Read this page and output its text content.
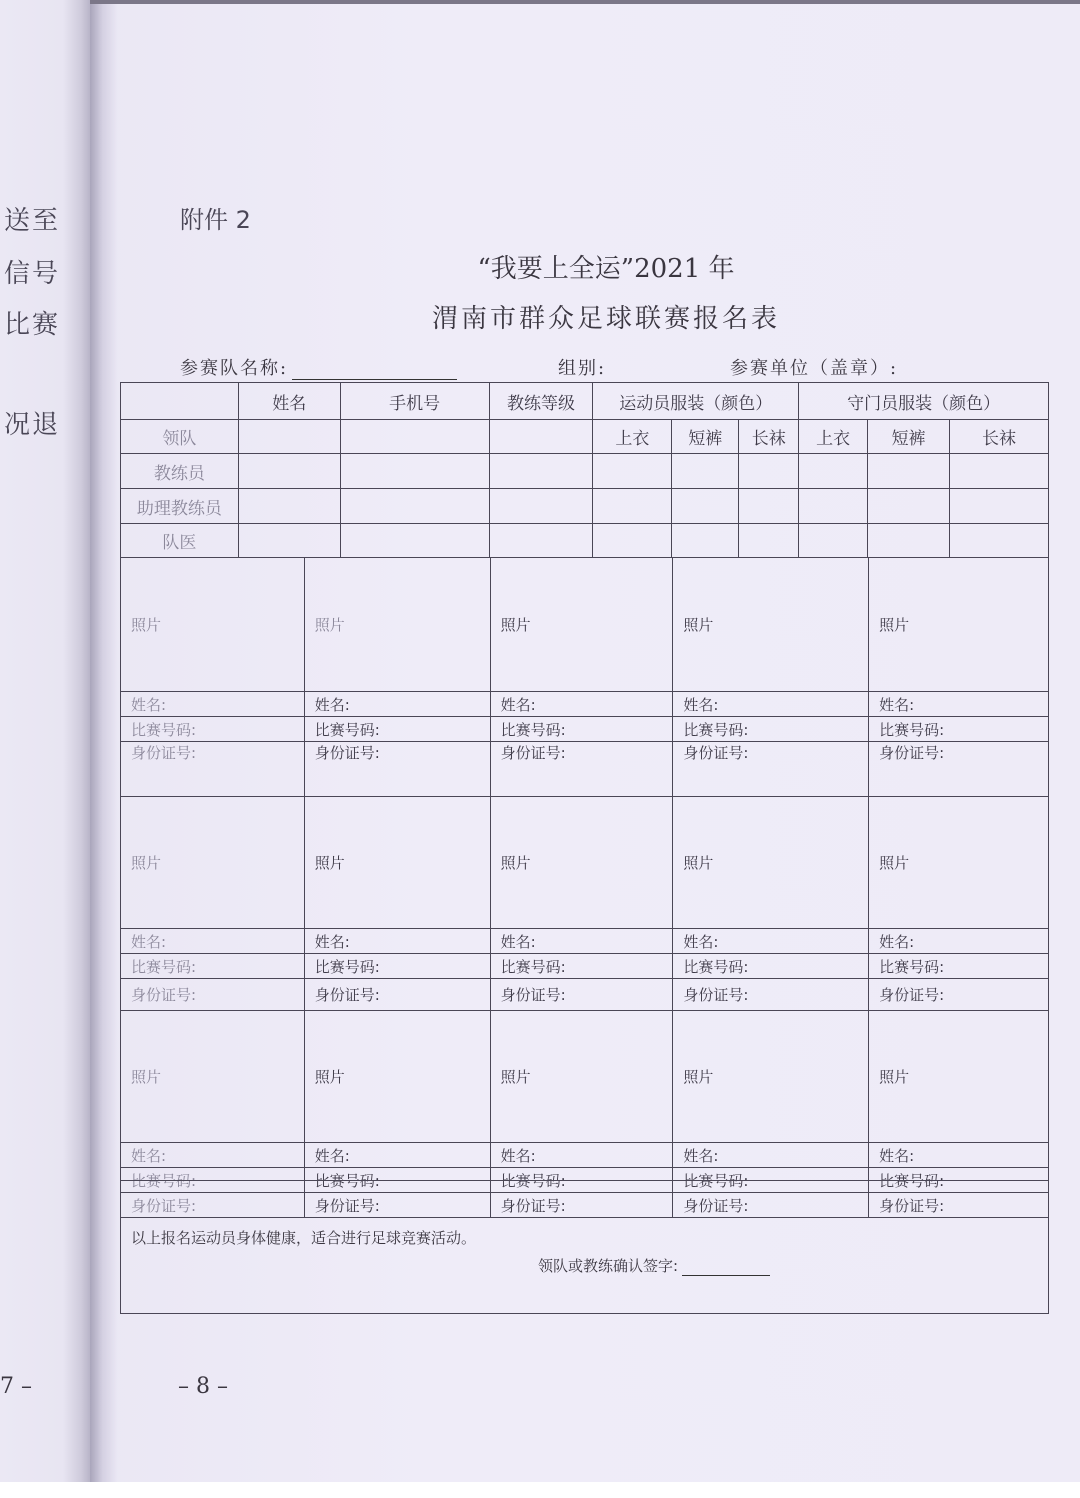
送至
信号
比赛
况退
7 –
附件 2
“我要上全运”2021 年
渭南市群众足球联赛报名表
参赛队名称:	组别:	参赛单位（盖章）:
	姓名	手机号	教练等级	运动员服装（颜色）			守门员服装（颜色）		
领队				上衣	短裤	长袜	上衣	短裤	长袜
教练员									
助理教练员									
队医									
照片	照片	照片	照片	照片
姓名:	姓名:	姓名:	姓名:	姓名:
比赛号码:	比赛号码:	比赛号码:	比赛号码:	比赛号码:
身份证号:	身份证号:	身份证号:	身份证号:	身份证号:
照片	照片	照片	照片	照片
姓名:	姓名:	姓名:	姓名:	姓名:
比赛号码:	比赛号码:	比赛号码:	比赛号码:	比赛号码:
身份证号:	身份证号:	身份证号:	身份证号:	身份证号:
照片	照片	照片	照片	照片
姓名:	姓名:	姓名:	姓名:	姓名:
比赛号码:	比赛号码:	比赛号码:	比赛号码:	比赛号码:
身份证号:	身份证号:	身份证号:	身份证号:	身份证号:
以上报名运动员身体健康，适合进行足球竞赛活动。
领队或教练确认签字:
– 8 –
